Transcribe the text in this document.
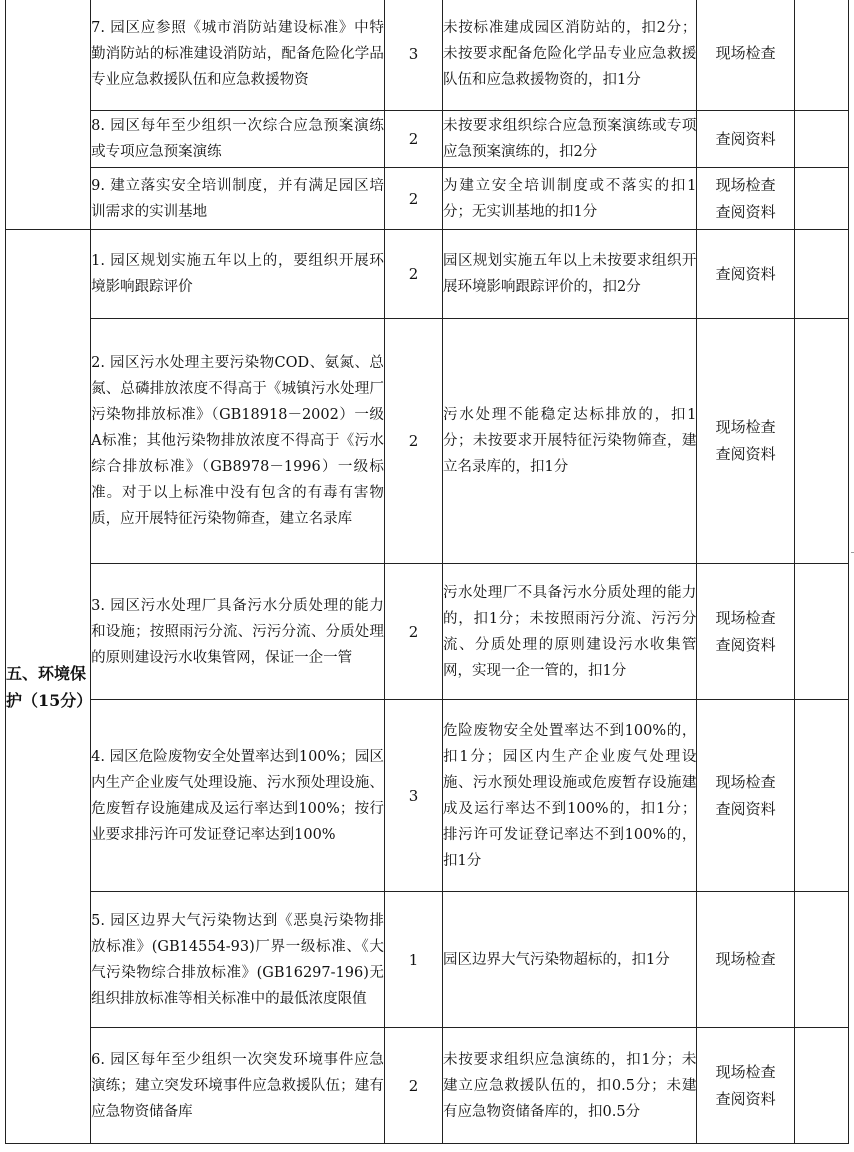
	7. 园区应参照《城市消防站建设标准》中特勤消防站的标准建设消防站，配备危险化学品专业应急救援队伍和应急救援物资	3	未按标准建成园区消防站的，扣2分；未按要求配备危险化学品专业应急救援队伍和应急救援物资的，扣1分	现场检查	

	8. 园区每年至少组织一次综合应急预案演练或专项应急预案演练	2	未按要求组织综合应急预案演练或专项应急预案演练的，扣2分	查阅资料	

	9. 建立落实安全培训制度，并有满足园区培训需求的实训基地	2	为建立安全培训制度或不落实的扣1分；无实训基地的扣1分	现场检查
查阅资料	

五、环境保护（15分）	1. 园区规划实施五年以上的，要组织开展环境影响跟踪评价	2	园区规划实施五年以上未按要求组织开展环境影响跟踪评价的，扣2分	查阅资料	

	2. 园区污水处理主要污染物COD、氨氮、总氮、总磷排放浓度不得高于《城镇污水处理厂污染物排放标准》（GB18918－2002）一级A标准；其他污染物排放浓度不得高于《污水综合排放标准》（GB8978－1996）一级标准。对于以上标准中没有包含的有毒有害物质，应开展特征污染物筛查，建立名录库	2	污水处理不能稳定达标排放的，扣1分；未按要求开展特征污染物筛查，建立名录库的，扣1分	现场检查
查阅资料	

	3. 园区污水处理厂具备污水分质处理的能力和设施；按照雨污分流、污污分流、分质处理的原则建设污水收集管网，保证一企一管	2	污水处理厂不具备污水分质处理的能力的，扣1分；未按照雨污分流、污污分流、分质处理的原则建设污水收集管网，实现一企一管的，扣1分	现场检查
查阅资料	

	4. 园区危险废物安全处置率达到100%；园区内生产企业废气处理设施、污水预处理设施、危废暂存设施建成及运行率达到100%；按行业要求排污许可发证登记率达到100%	3	危险废物安全处置率达不到100%的，扣1分；园区内生产企业废气处理设施、污水预处理设施或危废暂存设施建成及运行率达不到100%的，扣1分；排污许可发证登记率达不到100%的，扣1分	现场检查
查阅资料	

	5. 园区边界大气污染物达到《恶臭污染物排放标准》(GB14554-93)厂界一级标准、《大气污染物综合排放标准》(GB16297-196)无组织排放标准等相关标准中的最低浓度限值	1	园区边界大气污染物超标的，扣1分	现场检查	

	6. 园区每年至少组织一次突发环境事件应急演练；建立突发环境事件应急救援队伍；建有应急物资储备库	2	未按要求组织应急演练的，扣1分；未建立应急救援队伍的，扣0.5分；未建有应急物资储备库的，扣0.5分	现场检查
查阅资料	
